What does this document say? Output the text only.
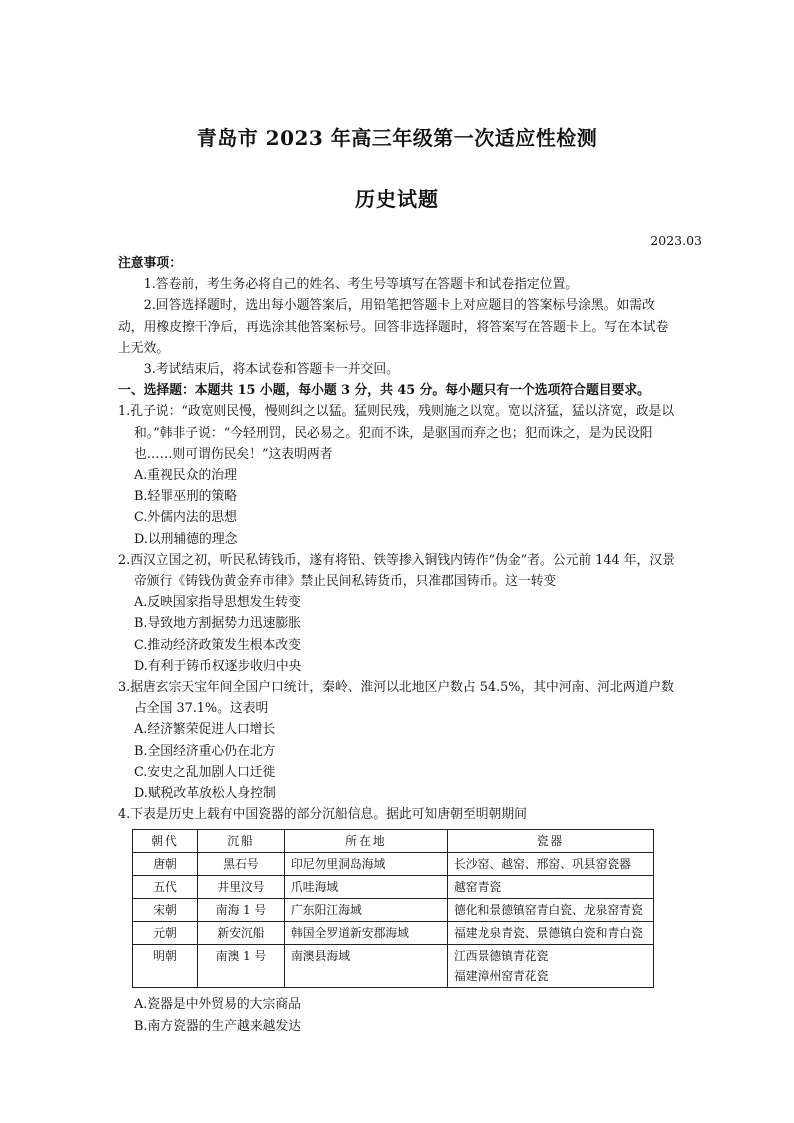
青岛市 2023 年高三年级第一次适应性检测
历史试题
2023.03

注意事项：

1.答卷前，考生务必将自己的姓名、考生号等填写在答题卡和试卷指定位置。

2.回答选择题时，选出每小题答案后，用铅笔把答题卡上对应题目的答案标号涂黑。如需改动，用橡皮擦干净后，再选涂其他答案标号。回答非选择题时，将答案写在答题卡上。写在本试卷上无效。

3.考试结束后，将本试卷和答题卡一并交回。

一、选择题：本题共 15 小题，每小题 3 分，共 45 分。每小题只有一个选项符合题目要求。

1.孔子说：“政宽则民慢，慢则纠之以猛。猛则民残，残则施之以宽。宽以济猛，猛以济宽，政是以和。”韩非子说：“今轻刑罚，民必易之。犯而不诛，是驱国而弃之也；犯而诛之，是为民设阳也……则可谓伤民矣！”这表明两者

A.重视民众的治理

B.轻罪巫刑的策略

C.外儒内法的思想

D.以刑辅德的理念

2.西汉立国之初，听民私铸钱币，遂有将铅、铁等掺入铜钱内铸作“伪金”者。公元前 144 年，汉景帝颁行《铸钱伪黄金弃市律》禁止民间私铸货币，只准郡国铸币。这一转变

A.反映国家指导思想发生转变

B.导致地方割据势力迅速膨胀

C.推动经济政策发生根本改变

D.有利于铸币权逐步收归中央

3.据唐玄宗天宝年间全国户口统计，秦岭、淮河以北地区户数占 54.5%，其中河南、河北两道户数占全国 37.1%。这表明

A.经济繁荣促进人口增长

B.全国经济重心仍在北方

C.安史之乱加剧人口迁徙

D.赋税改革放松人身控制

4.下表是历史上载有中国瓷器的部分沉船信息。据此可知唐朝至明朝期间

朝代	沉船	所在地	瓷器
唐朝	黑石号	印尼勿里洞岛海域	长沙窑、越窑、邢窑、巩县窑瓷器
五代	井里汶号	爪哇海域	越窑青瓷
宋朝	南海 1 号	广东阳江海域	德化和景德镇窑青白瓷、龙泉窑青瓷
元朝	新安沉船	韩国全罗道新安郡海域	福建龙泉青瓷、景德镇白瓷和青白瓷
明朝	南澳 1 号	南澳县海域	江西景德镇青花瓷
福建漳州窑青花瓷

A.瓷器是中外贸易的大宗商品

B.南方瓷器的生产越来越发达
